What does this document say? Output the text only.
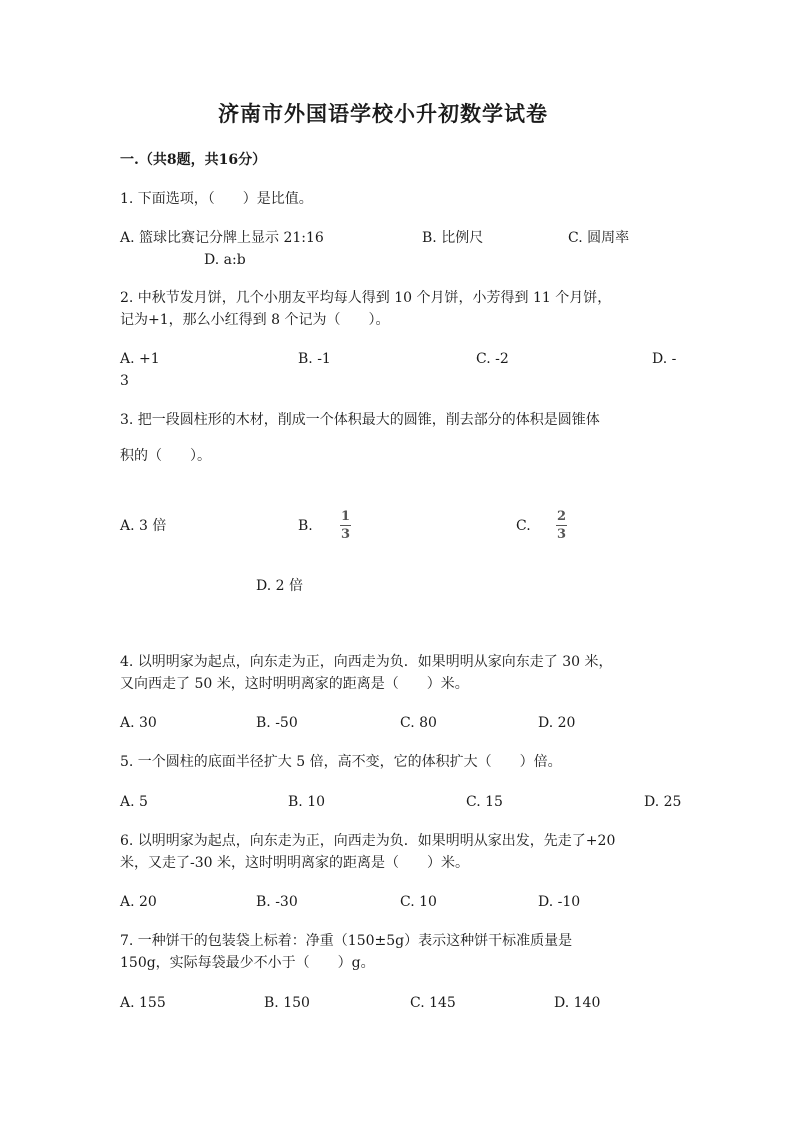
济南市外国语学校小升初数学试卷
一.（共8题，共16分）
1. 下面选项，（　　）是比值。
A. 篮球比赛记分牌上显示 21:16	B. 比例尺	C. 圆周率
D. a:b
2. 中秋节发月饼，几个小朋友平均每人得到 10 个月饼，小芳得到 11 个月饼，
记为+1，那么小红得到 8 个记为（　　）。
A. +1	B. -1	C. -2	D. -
3
3. 把一段圆柱形的木材，削成一个体积最大的圆锥，削去部分的体积是圆锥体
积的（　　）。
A. 3 倍	B.
1
3
C.
2
3
D. 2 倍
4. 以明明家为起点，向东走为正，向西走为负．如果明明从家向东走了 30 米，
又向西走了 50 米，这时明明离家的距离是（　　）米。
A. 30	B. -50	C. 80	D. 20
5. 一个圆柱的底面半径扩大 5 倍，高不变，它的体积扩大（　　）倍。
A. 5	B. 10	C. 15	D. 25
6. 以明明家为起点，向东走为正，向西走为负．如果明明从家出发，先走了+20
米，又走了-30 米，这时明明离家的距离是（　　）米。
A. 20	B. -30	C. 10	D. -10
7. 一种饼干的包装袋上标着：净重（150±5g）表示这种饼干标准质量是
150g，实际每袋最少不小于（　　）g。
A. 155	B. 150	C. 145	D. 140
